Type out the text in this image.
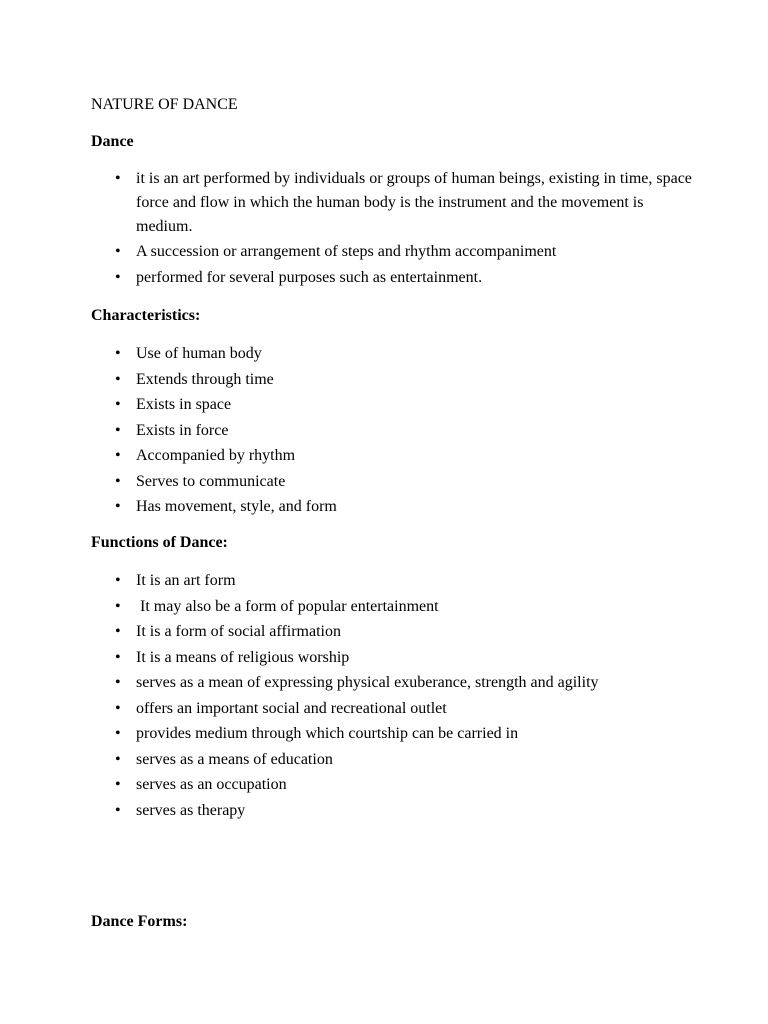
NATURE OF DANCE
Dance
• it is an art performed by individuals or groups of human beings, existing in time, space force and flow in which the human body is the instrument and the movement is medium.
• A succession or arrangement of steps and rhythm accompaniment
• performed for several purposes such as entertainment.
Characteristics:
• Use of human body
• Extends through time
• Exists in space
• Exists in force
• Accompanied by rhythm
• Serves to communicate
• Has movement, style, and form
Functions of Dance:
• It is an art form
•  It may also be a form of popular entertainment
• It is a form of social affirmation
• It is a means of religious worship
• serves as a mean of expressing physical exuberance, strength and agility
• offers an important social and recreational outlet
• provides medium through which courtship can be carried in
• serves as a means of education
• serves as an occupation
• serves as therapy
Dance Forms:
